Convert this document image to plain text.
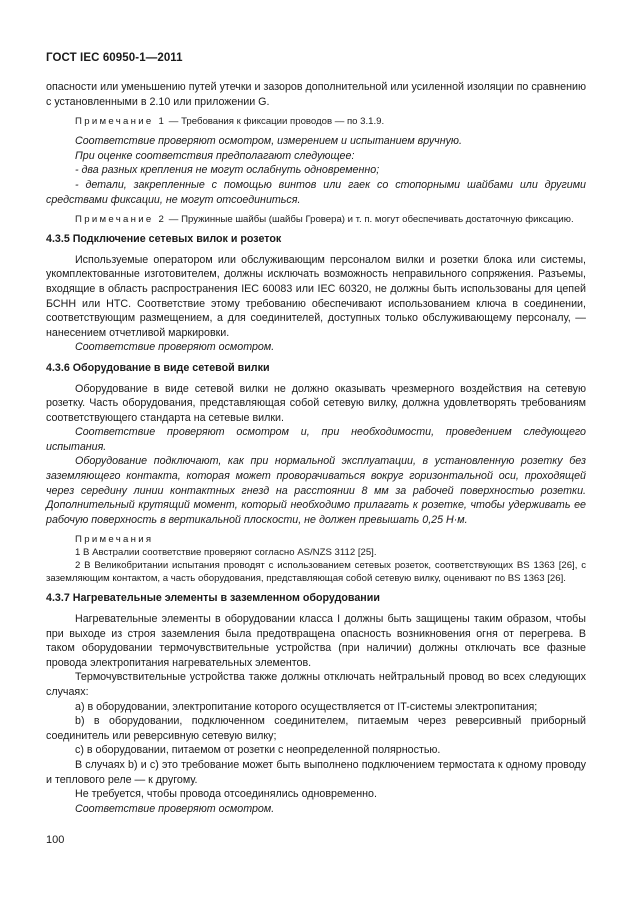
ГОСТ IEC 60950-1—2011

опасности или уменьшению путей утечки и зазоров дополнительной или усиленной изоляции по сравнению с установленными в 2.10 или приложении G.

Примечание 1 — Требования к фиксации проводов — по 3.1.9.

Соответствие проверяют осмотром, измерением и испытанием вручную.

При оценке соответствия предполагают следующее:

- два разных крепления не могут ослабнуть одновременно;

- детали, закрепленные с помощью винтов или гаек со стопорными шайбами или другими средствами фиксации, не могут отсоединиться.

Примечание 2 — Пружинные шайбы (шайбы Гровера) и т. п. могут обеспечивать достаточную фиксацию.

4.3.5 Подключение сетевых вилок и розеток

Используемые оператором или обслуживающим персоналом вилки и розетки блока или системы, укомплектованные изготовителем, должны исключать возможность неправильного сопряжения. Разъемы, входящие в область распространения IEC 60083 или IEC 60320, не должны быть использованы для цепей БСНН или НТС. Соответствие этому требованию обеспечивают использованием ключа в соединении, соответствующим размещением, а для соединителей, доступных только обслуживающему персоналу, — нанесением отчетливой маркировки.

Соответствие проверяют осмотром.

4.3.6 Оборудование в виде сетевой вилки

Оборудование в виде сетевой вилки не должно оказывать чрезмерного воздействия на сетевую розетку. Часть оборудования, представляющая собой сетевую вилку, должна удовлетворять требованиям соответствующего стандарта на сетевые вилки.

Соответствие проверяют осмотром и, при необходимости, проведением следующего испытания.

Оборудование подключают, как при нормальной эксплуатации, в установленную розетку без заземляющего контакта, которая может проворачиваться вокруг горизонтальной оси, проходящей через середину линии контактных гнезд на расстоянии 8 мм за рабочей поверхностью розетки. Дополнительный крутящий момент, который необходимо прилагать к розетке, чтобы удерживать ее рабочую поверхность в вертикальной плоскости, не должен превышать 0,25 Н·м.

Примечания

1 В Австралии соответствие проверяют согласно AS/NZS 3112 [25].

2 В Великобритании испытания проводят с использованием сетевых розеток, соответствующих BS 1363 [26], с заземляющим контактом, а часть оборудования, представляющая собой сетевую вилку, оценивают по BS 1363 [26].

4.3.7 Нагревательные элементы в заземленном оборудовании

Нагревательные элементы в оборудовании класса I должны быть защищены таким образом, чтобы при выходе из строя заземления была предотвращена опасность возникновения огня от перегрева. В таком оборудовании термочувствительные устройства (при наличии) должны отключать все фазные провода электропитания нагревательных элементов.

Термочувствительные устройства также должны отключать нейтральный провод во всех следующих случаях:

а) в оборудовании, электропитание которого осуществляется от IT-системы электропитания;

b) в оборудовании, подключенном соединителем, питаемым через реверсивный приборный соединитель или реверсивную сетевую вилку;

с) в оборудовании, питаемом от розетки с неопределенной полярностью.

В случаях b) и с) это требование может быть выполнено подключением термостата к одному проводу и теплового реле — к другому.

Не требуется, чтобы провода отсоединялись одновременно.

Соответствие проверяют осмотром.

100
